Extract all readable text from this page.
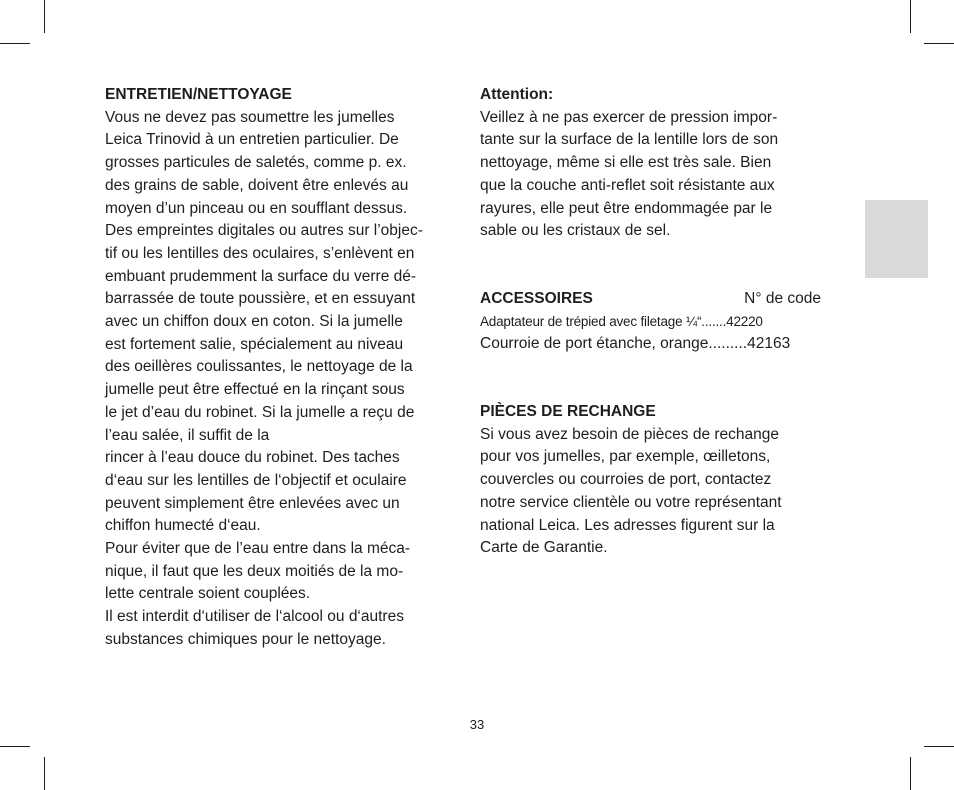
ENTRETIEN/NETTOYAGE
Vous ne devez pas soumettre les jumelles
Leica Trinovid à un entretien particulier. De
grosses particules de saletés, comme p. ex.
des grains de sable, doivent être enlevés au
moyen d’un pinceau ou en soufflant dessus.
Des empreintes digitales ou autres sur l’objec-
tif ou les lentilles des oculaires, s’enlèvent en
embuant prudemment la surface du verre dé-
barrassée de toute poussière, et en essuyant
avec un chiffon doux en coton. Si la jumelle
est fortement salie, spécialement au niveau
des oeillères coulissantes, le nettoyage de la
jumelle peut être effectué en la rinçant sous
le jet d’eau du robinet. Si la jumelle a reçu de
l’eau salée, il suffit de la
rincer à l’eau douce du robinet. Des taches
d‘eau sur les lentilles de l‘objectif et oculaire
peuvent simplement être enlevées avec un
chiffon humecté d‘eau.
Pour éviter que de l’eau entre dans la méca-
nique, il faut que les deux moitiés de la mo-
lette centrale soient couplées.
Il est interdit d‘utiliser de l‘alcool ou d‘autres
substances chimiques pour le nettoyage.
Attention:
Veillez à ne pas exercer de pression impor-
tante sur la surface de la lentille lors de son
nettoyage, même si elle est très sale. Bien
que la couche anti-reflet soit résistante aux
rayures, elle peut être endommagée par le
sable ou les cristaux de sel.
ACCESSOIRES	N° de code
Adaptateur de trépied avec filetage ¼“.......42220
Courroie de port étanche, orange.........42163
PIÈCES DE RECHANGE
Si vous avez besoin de pièces de rechange
pour vos jumelles, par exemple, œilletons,
couvercles ou courroies de port, contactez
notre service clientèle ou votre représentant
national Leica. Les adresses figurent sur la
Carte de Garantie.
33
